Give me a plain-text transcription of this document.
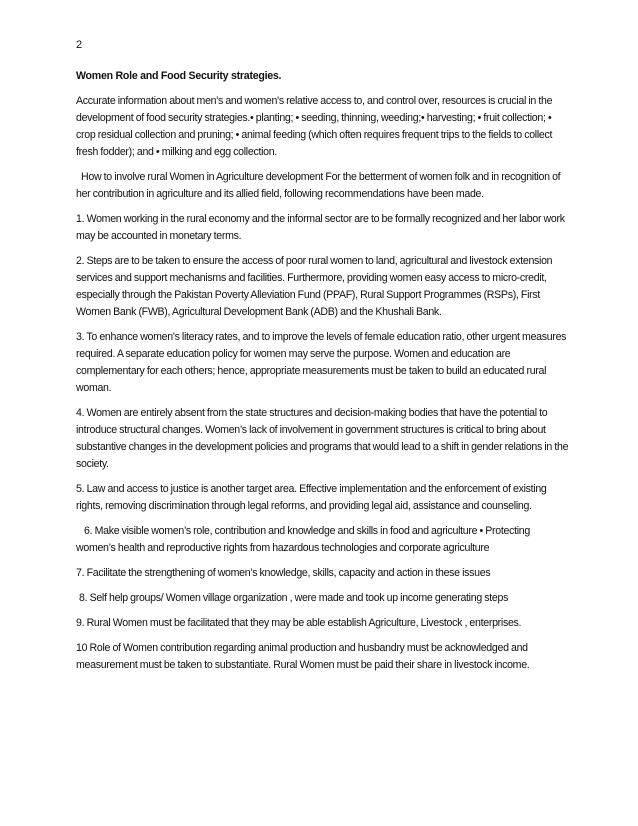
2
Women Role and Food Security strategies.

Accurate information about men's and women's relative access to, and control over, resources is crucial in the development of food security strategies.• planting; • seeding, thinning, weeding;• harvesting; • fruit collection; • crop residual collection and pruning; • animal feeding (which often requires frequent trips to the fields to collect fresh fodder); and • milking and egg collection.

How to involve rural Women in Agriculture development For the betterment of women folk and in recognition of her contribution in agriculture and its allied field, following recommendations have been made.

1. Women working in the rural economy and the informal sector are to be formally recognized and her labor work may be accounted in monetary terms.

2. Steps are to be taken to ensure the access of poor rural women to land, agricultural and livestock extension services and support mechanisms and facilities. Furthermore, providing women easy access to micro-credit, especially through the Pakistan Poverty Alleviation Fund (PPAF), Rural Support Programmes (RSPs), First Women Bank (FWB), Agricultural Development Bank (ADB) and the Khushali Bank.

3. To enhance women's literacy rates, and to improve the levels of female education ratio, other urgent measures required. A separate education policy for women may serve the purpose. Women and education are complementary for each others; hence, appropriate measurements must be taken to build an educated rural woman.

4. Women are entirely absent from the state structures and decision-making bodies that have the potential to introduce structural changes. Women’s lack of involvement in government structures is critical to bring about substantive changes in the development policies and programs that would lead to a shift in gender relations in the society.

5. Law and access to justice is another target area. Effective implementation and the enforcement of existing rights, removing discrimination through legal reforms, and providing legal aid, assistance and counseling.

6. Make visible women’s role, contribution and knowledge and skills in food and agriculture • Protecting women’s health and reproductive rights from hazardous technologies and corporate agriculture

7. Facilitate the strengthening of women’s knowledge, skills, capacity and action in these issues

8. Self help groups/ Women village organization , were made and took up income generating steps

9. Rural Women must be facilitated that they may be able establish Agriculture, Livestock , enterprises.

10 Role of Women contribution regarding animal production and husbandry must be acknowledged and measurement must be taken to substantiate. Rural Women must be paid their share in livestock income.
